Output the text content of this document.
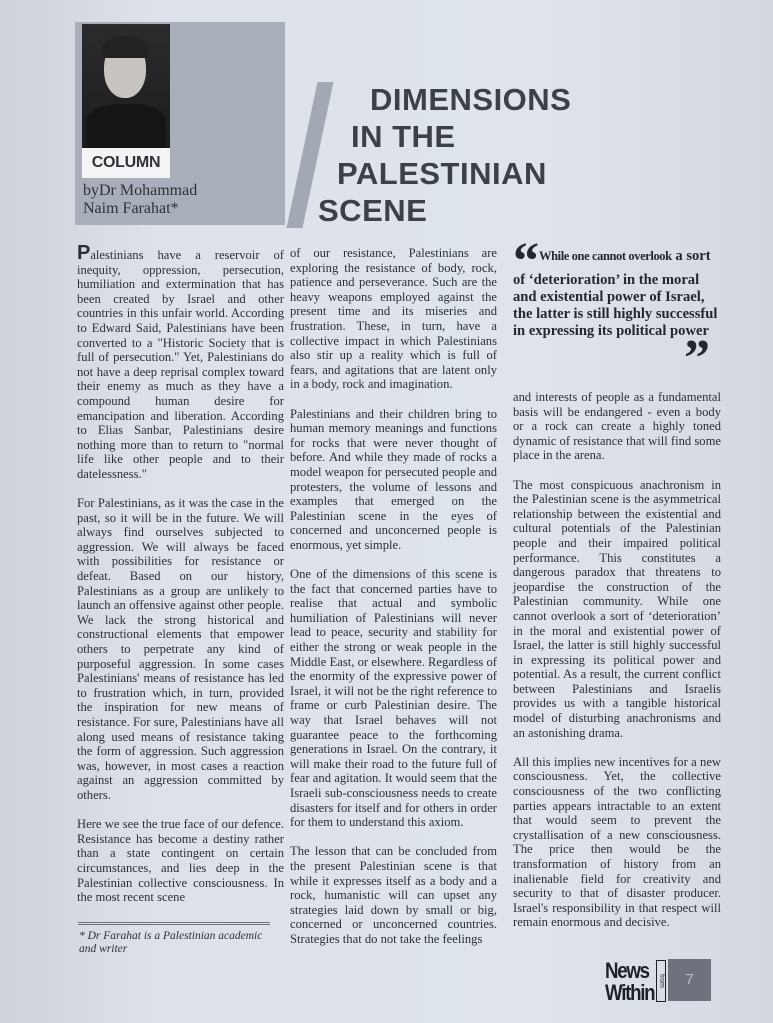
COLUMN
byDr Mohammad
Naim Farahat*
DIMENSIONS
IN THE
PALESTINIAN
SCENE

Palestinians have a reservoir of inequity, oppression, persecution, humiliation and extermination that has been created by Israel and other countries in this unfair world. According to Edward Said, Palestinians have been converted to a "Historic Society that is full of persecution." Yet, Palestinians do not have a deep reprisal complex toward their enemy as much as they have a compound human desire for emancipation and liberation. According to Elias Sanbar, Palestinians desire nothing more than to return to "normal life like other people and to their datelessness."

For Palestinians, as it was the case in the past, so it will be in the future. We will always find ourselves subjected to aggression. We will always be faced with possibilities for resistance or defeat. Based on our history, Palestinians as a group are unlikely to launch an offensive against other people. We lack the strong historical and constructional elements that empower others to perpetrate any kind of purposeful aggression. In some cases Palestinians' means of resistance has led to frustration which, in turn, provided the inspiration for new means of resistance. For sure, Palestinians have all along used means of resistance taking the form of aggression. Such aggression was, however, in most cases a reaction against an aggression committed by others.

Here we see the true face of our defence. Resistance has become a destiny rather than a state contingent on certain circumstances, and lies deep in the Palestinian collective consciousness. In the most recent scene

* Dr Farahat is a Palestinian academic and writer

of our resistance, Palestinians are exploring the resistance of body, rock, patience and perseverance. Such are the heavy weapons employed against the present time and its miseries and frustration. These, in turn, have a collective impact in which Palestinians also stir up a reality which is full of fears, and agitations that are latent only in a body, rock and imagination.

Palestinians and their children bring to human memory meanings and functions for rocks that were never thought of before. And while they made of rocks a model weapon for persecuted people and protesters, the volume of lessons and examples that emerged on the Palestinian scene in the eyes of concerned and unconcerned people is enormous, yet simple.

One of the dimensions of this scene is the fact that concerned parties have to realise that actual and symbolic humiliation of Palestinians will never lead to peace, security and stability for either the strong or weak people in the Middle East, or elsewhere. Regardless of the enormity of the expressive power of Israel, it will not be the right reference to frame or curb Palestinian desire. The way that Israel behaves will not guarantee peace to the forthcoming generations in Israel. On the contrary, it will make their road to the future full of fear and agitation. It would seem that the Israeli sub-consciousness needs to create disasters for itself and for others in order for them to understand this axiom.

The lesson that can be concluded from the present Palestinian scene is that while it expresses itself as a body and a rock, humanistic will can upset any strategies laid down by small or big, concerned or unconcerned countries. Strategies that do not take the feelings

“ While one cannot overlook a sort of ‘deterioration’ in the moral and existential power of Israel, the latter is still highly successful in expressing its political power
”

and interests of people as a fundamental basis will be endangered - even a body or a rock can create a highly toned dynamic of resistance that will find some place in the arena.

The most conspicuous anachronism in the Palestinian scene is the asymmetrical relationship between the existential and cultural potentials of the Palestinian people and their impaired political performance. This constitutes a dangerous paradox that threatens to jeopardise the construction of the Palestinian community. While one cannot overlook a sort of ‘deterioration’ in the moral and existential power of Israel, the latter is still highly successful in expressing its political power and potential. As a result, the current conflict between Palestinians and Israelis provides us with a tangible historical model of disturbing anachronisms and an astonishing drama.

All this implies new incentives for a new consciousness. Yet, the collective consciousness of the two conflicting parties appears intractable to an extent that would seem to prevent the crystallisation of a new consciousness. The price then would be the transformation of history from an inalienable field for creativity and security to that of disaster producer. Israel's responsibility in that respect will remain enormous and decisive.

News
Within from	7
